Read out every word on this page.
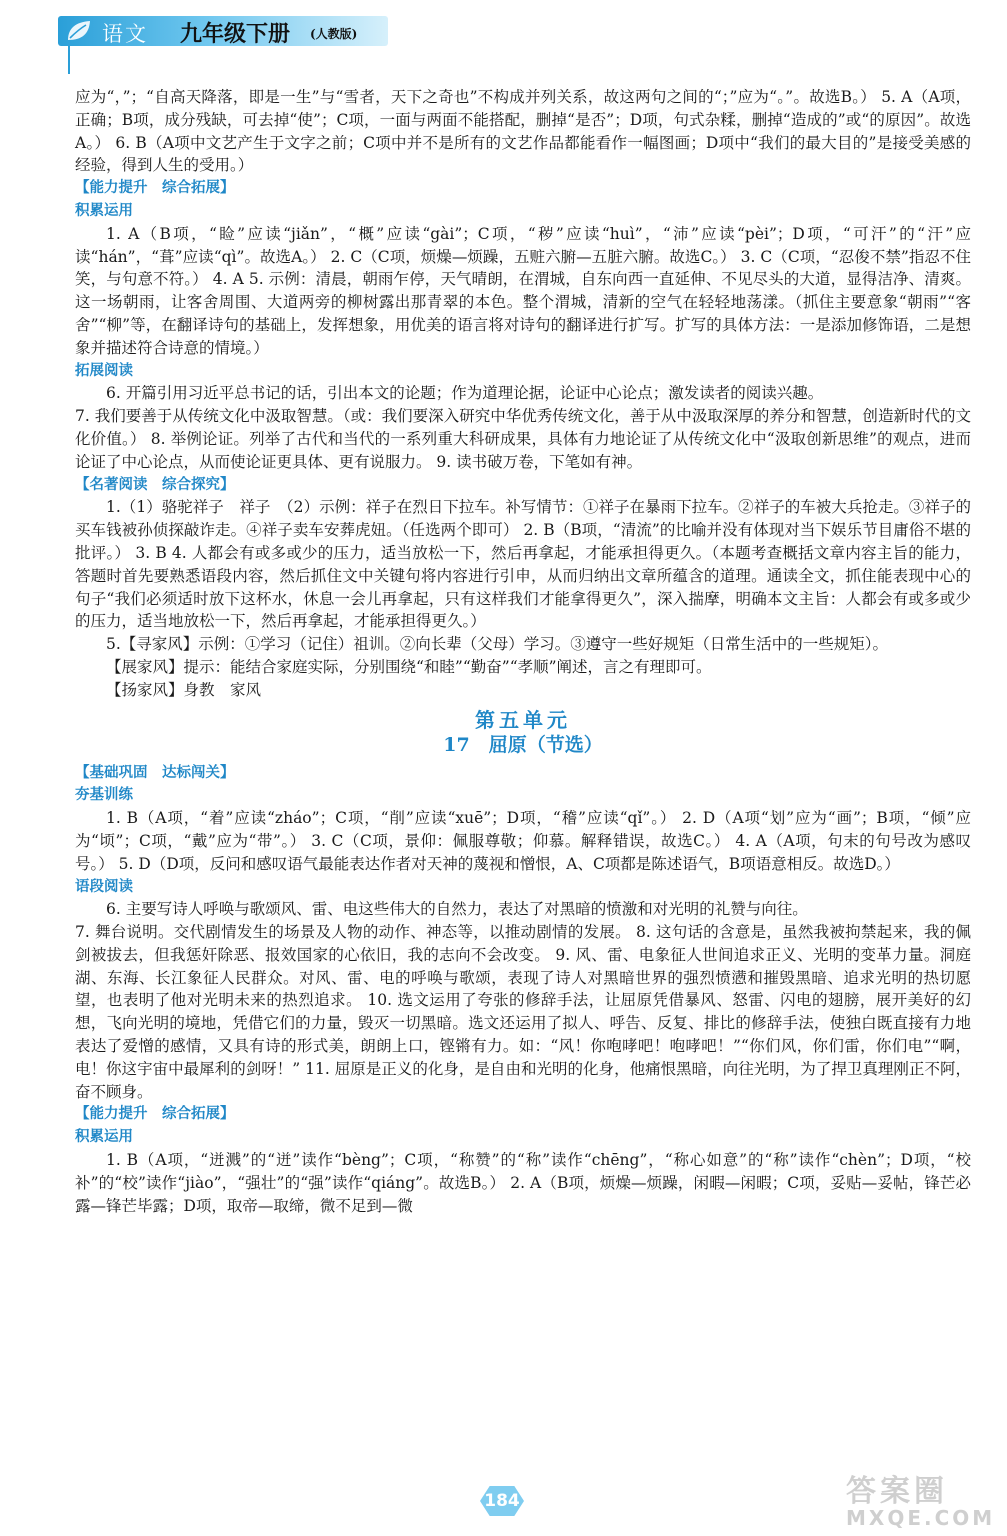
语文 九年级下册 (人教版)

应为“，”；“自高天降落，即是一生”与“雪者，天下之奇也”不构成并列关系，故这两句之间的“；”应为“。”。故选B。） 5. A（A项，正确；B项，成分残缺，可去掉“使”；C项，一面与两面不能搭配，删掉“是否”；D项，句式杂糅，删掉“造成的”或“的原因”。故选A。） 6. B（A项中文艺产生于文字之前；C项中并不是所有的文艺作品都能看作一幅图画；D项中“我们的最大目的”是接受美感的经验，得到人生的受用。）

【能力提升　综合拓展】

积累运用

1. A（B项，“睑”应读“jiǎn”，“概”应读“gài”；C项，“秽”应读“huì”，“沛”应读“pèi”；D项，“可汗”的“汗”应读“hán”，“葺”应读“qì”。故选A。） 2. C（C项，烦燥—烦躁，五赃六腑—五脏六腑。故选C。） 3. C（C项，“忍俊不禁”指忍不住笑，与句意不符。） 4. A 5. 示例：清晨，朝雨乍停，天气晴朗，在渭城，自东向西一直延伸、不见尽头的大道，显得洁净、清爽。这一场朝雨，让客舍周围、大道两旁的柳树露出那青翠的本色。整个渭城，清新的空气在轻轻地荡漾。（抓住主要意象“朝雨”“客舍”“柳”等，在翻译诗句的基础上，发挥想象，用优美的语言将对诗句的翻译进行扩写。扩写的具体方法：一是添加修饰语，二是想象并描述符合诗意的情境。）

拓展阅读

6. 开篇引用习近平总书记的话，引出本文的论题；作为道理论据，论证中心论点；激发读者的阅读兴趣。

7. 我们要善于从传统文化中汲取智慧。（或：我们要深入研究中华优秀传统文化，善于从中汲取深厚的养分和智慧，创造新时代的文化价值。） 8. 举例论证。列举了古代和当代的一系列重大科研成果，具体有力地论证了从传统文化中“汲取创新思维”的观点，进而论证了中心论点，从而使论证更具体、更有说服力。 9. 读书破万卷，下笔如有神。

【名著阅读　综合探究】

1.（1）骆驼祥子　祥子　（2）示例：祥子在烈日下拉车。补写情节：①祥子在暴雨下拉车。②祥子的车被大兵抢走。③祥子的买车钱被孙侦探敲诈走。④祥子卖车安葬虎妞。（任选两个即可） 2. B（B项，“清流”的比喻并没有体现对当下娱乐节目庸俗不堪的批评。） 3. B 4. 人都会有或多或少的压力，适当放松一下，然后再拿起，才能承担得更久。（本题考查概括文章内容主旨的能力，答题时首先要熟悉语段内容，然后抓住文中关键句将内容进行引申，从而归纳出文章所蕴含的道理。通读全文，抓住能表现中心的句子“我们必须适时放下这杯水，休息一会儿再拿起，只有这样我们才能拿得更久”，深入揣摩，明确本文主旨：人都会有或多或少的压力，适当地放松一下，然后再拿起，才能承担得更久。）

5.【寻家风】示例：①学习（记住）祖训。②向长辈（父母）学习。③遵守一些好规矩（日常生活中的一些规矩）。

【展家风】提示：能结合家庭实际，分别围绕“和睦”“勤奋”“孝顺”阐述，言之有理即可。

【扬家风】身教　家风

第五单元
17　屈原（节选）

【基础巩固　达标闯关】

夯基训练

1. B（A项，“着”应读“zháo”；C项，“削”应读“xuē”；D项，“稽”应读“qǐ”。） 2. D（A项“划”应为“画”；B项，“倾”应为“顷”；C项，“戴”应为“带”。） 3. C（C项，景仰：佩服尊敬；仰慕。解释错误，故选C。） 4. A（A项，句末的句号改为感叹号。） 5. D（D项，反问和感叹语气最能表达作者对天神的蔑视和憎恨，A、C项都是陈述语气，B项语意相反。故选D。）

语段阅读

6. 主要写诗人呼唤与歌颂风、雷、电这些伟大的自然力，表达了对黑暗的愤激和对光明的礼赞与向往。

7. 舞台说明。交代剧情发生的场景及人物的动作、神态等，以推动剧情的发展。 8. 这句话的含意是，虽然我被拘禁起来，我的佩剑被拔去，但我惩奸除恶、报效国家的心依旧，我的志向不会改变。 9. 风、雷、电象征人世间追求正义、光明的变革力量。洞庭湖、东海、长江象征人民群众。对风、雷、电的呼唤与歌颂，表现了诗人对黑暗世界的强烈愤懑和摧毁黑暗、追求光明的热切愿望，也表明了他对光明未来的热烈追求。 10. 选文运用了夸张的修辞手法，让屈原凭借暴风、怒雷、闪电的翅膀，展开美好的幻想，飞向光明的境地，凭借它们的力量，毁灭一切黑暗。选文还运用了拟人、呼告、反复、排比的修辞手法，使独白既直接有力地表达了爱憎的感情，又具有诗的形式美，朗朗上口，铿锵有力。如：“风！你咆哮吧！咆哮吧！”“你们风，你们雷，你们电”“啊，电！你这宇宙中最犀利的剑呀！” 11. 屈原是正义的化身，是自由和光明的化身，他痛恨黑暗，向往光明，为了捍卫真理刚正不阿，奋不顾身。

【能力提升　综合拓展】

积累运用

1. B（A项，“迸溅”的“迸”读作“bèng”；C项，“称赞”的“称”读作“chēng”，“称心如意”的“称”读作“chèn”；D项，“校补”的“校”读作“jiào”，“强壮”的“强”读作“qiáng”。故选B。） 2. A（B项，烦燥—烦躁，闲暇—闲暇；C项，妥贴—妥帖，锋芒必露—锋芒毕露；D项，取帝—取缔，微不足到—微

184	答案圈
MXQE.COM
